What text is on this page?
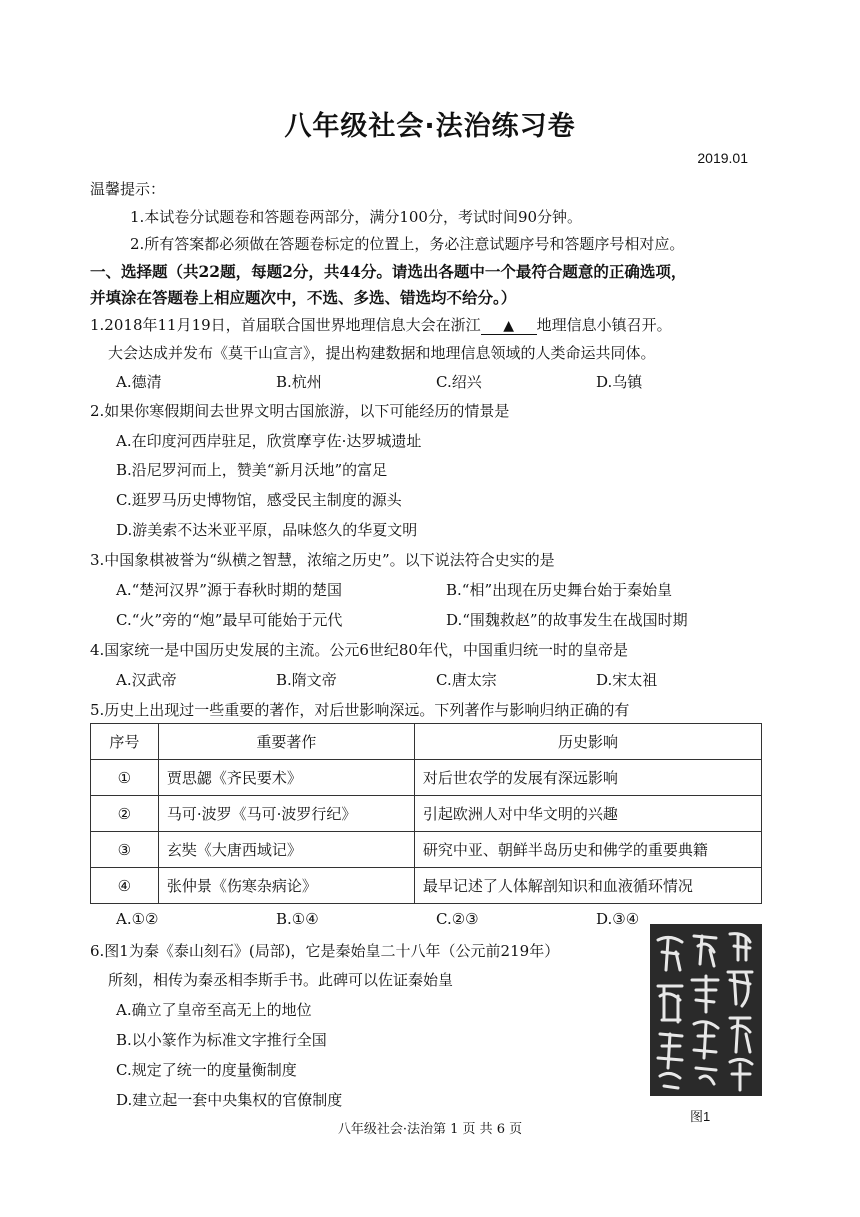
八年级社会·法治练习卷
2019.01
温馨提示：
1.本试卷分试题卷和答题卷两部分，满分100分，考试时间90分钟。
2.所有答案都必须做在答题卷标定的位置上，务必注意试题序号和答题序号相对应。
一、选择题（共22题，每题2分，共44分。请选出各题中一个最符合题意的正确选项，
并填涂在答题卷上相应题次中，不选、多选、错选均不给分。）
1.2018年11月19日，首届联合国世界地理信息大会在浙江 ▲ 地理信息小镇召开。
大会达成并发布《莫干山宣言》，提出构建数据和地理信息领域的人类命运共同体。
A.德清	B.杭州	C.绍兴	D.乌镇
2.如果你寒假期间去世界文明古国旅游，以下可能经历的情景是
A.在印度河西岸驻足，欣赏摩亨佐·达罗城遗址
B.沿尼罗河而上，赞美“新月沃地”的富足
C.逛罗马历史博物馆，感受民主制度的源头
D.游美索不达米亚平原，品味悠久的华夏文明
3.中国象棋被誉为“纵横之智慧，浓缩之历史”。以下说法符合史实的是
A.“楚河汉界”源于春秋时期的楚国	B.“相”出现在历史舞台始于秦始皇
C.“火”旁的“炮”最早可能始于元代	D.“围魏救赵”的故事发生在战国时期
4.国家统一是中国历史发展的主流。公元6世纪80年代，中国重归统一时的皇帝是
A.汉武帝	B.隋文帝	C.唐太宗	D.宋太祖
5.历史上出现过一些重要的著作，对后世影响深远。下列著作与影响归纳正确的有
序号	重要著作	历史影响
①	贾思勰《齐民要术》	对后世农学的发展有深远影响
②	马可·波罗《马可·波罗行纪》	引起欧洲人对中华文明的兴趣
③	玄奘《大唐西域记》	研究中亚、朝鲜半岛历史和佛学的重要典籍
④	张仲景《伤寒杂病论》	最早记述了人体解剖知识和血液循环情况
A.①②	B.①④	C.②③	D.③④
6.图1为秦《泰山刻石》(局部)，它是秦始皇二十八年（公元前219年）
所刻，相传为秦丞相李斯手书。此碑可以佐证秦始皇
A.确立了皇帝至高无上的地位
B.以小篆作为标准文字推行全国
C.规定了统一的度量衡制度
D.建立起一套中央集权的官僚制度
图1
八年级社会·法治第 1 页 共 6 页
